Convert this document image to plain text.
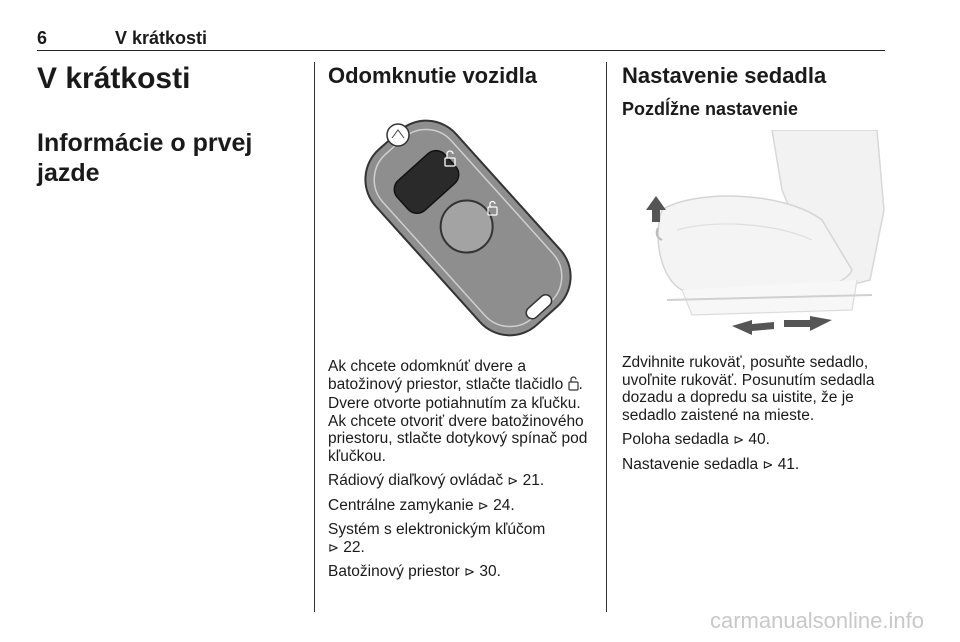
6	V krátkosti
V krátkosti
Informácie o prvej jazde
Odomknutie vozidla

Ak chcete odomknúť dvere a batožinový priestor, stlačte tlačidlo . Dvere otvorte potiahnutím za kľučku. Ak chcete otvoriť dvere batožinového priestoru, stlačte dotykový spínač pod kľučkou.

Rádiový diaľkový ovládač ⊳ 21.

Centrálne zamykanie ⊳ 24.

Systém s elektronickým kľúčom
⊳ 22.

Batožinový priestor ⊳ 30.

Nastavenie sedadla
Pozdĺžne nastavenie

Zdvihnite rukoväť, posuňte sedadlo, uvoľnite rukoväť. Posunutím sedadla dozadu a dopredu sa uistite, že je sedadlo zaistené na mieste.

Poloha sedadla ⊳ 40.

Nastavenie sedadla ⊳ 41.

carmanualsonline.info
